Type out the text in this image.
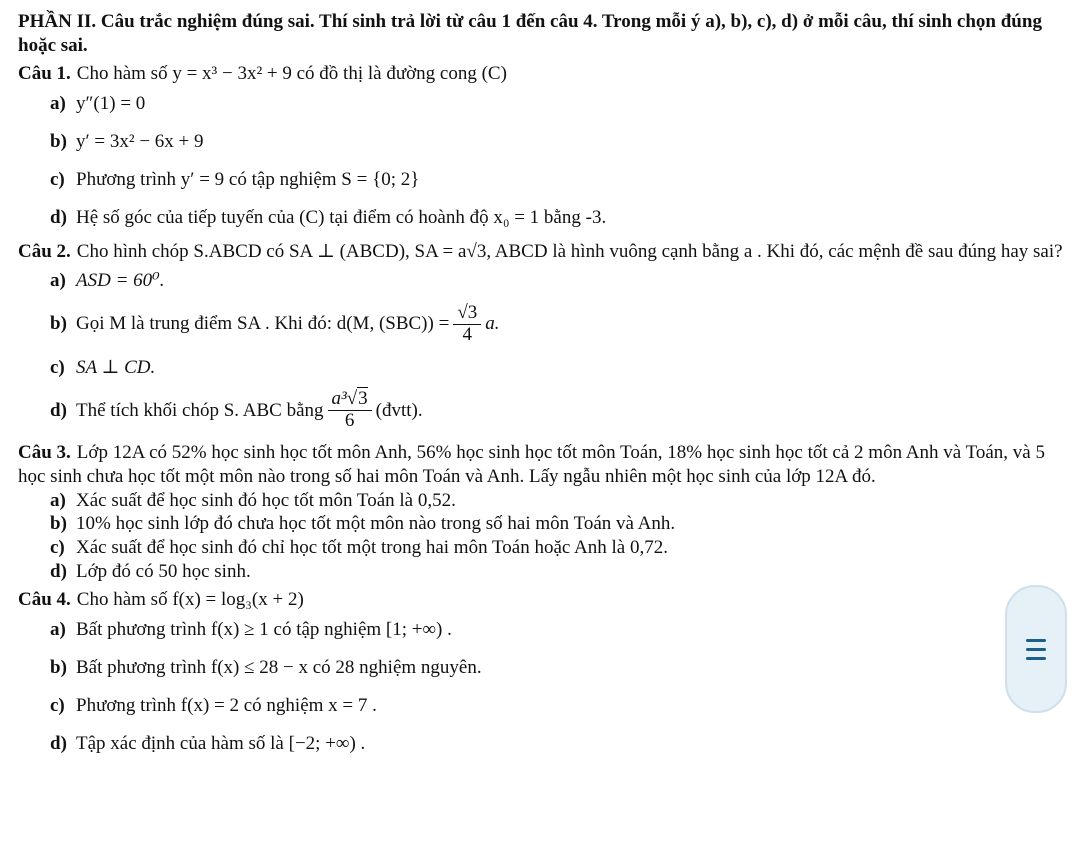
PHẦN II. Câu trắc nghiệm đúng sai. Thí sinh trả lời từ câu 1 đến câu 4. Trong mỗi ý a), b), c), d) ở mỗi câu, thí sinh chọn đúng hoặc sai.

Câu 1. Cho hàm số y = x³ − 3x² + 9 có đồ thị là đường cong (C)

a) y″(1) = 0
b) y′ = 3x² − 6x + 9
c) Phương trình y′ = 9 có tập nghiệm S = {0; 2}
d) Hệ số góc của tiếp tuyến của (C) tại điểm có hoành độ x₀ = 1 bằng -3.

Câu 2. Cho hình chóp S.ABCD có SA ⊥ (ABCD), SA = a√3, ABCD là hình vuông cạnh bằng a . Khi đó, các mệnh đề sau đúng hay sai?

a) ASD = 60⁰.
b) Gọi M là trung điểm SA . Khi đó: d(M, $(SBC)) = \frac{√3}{4} a$.
c) SA ⊥ CD.
d) Thể tích khối chóp S. ABC bằng $\frac{\text{a³√3}}{6}$ (đvtt).

Câu 3. Lớp 12A có 52% học sinh học tốt môn Anh, 56% học sinh học tốt môn Toán, 18% học sinh học tốt cả 2 môn Anh và Toán, và 5 học sinh chưa học tốt một môn nào trong số hai môn Toán và Anh. Lấy ngẫu nhiên một học sinh của lớp 12A đó.

a) Xác suất để học sinh đó học tốt môn Toán là 0,52.
b) 10% học sinh lớp đó chưa học tốt một môn nào trong số hai môn Toán và Anh.
c) Xác suất để học sinh đó chỉ học tốt một trong hai môn Toán hoặc Anh là 0,72.
d) Lớp đó có 50 học sinh.

Câu 4. Cho hàm số f(x) = log₃(x + 2)

a) Bất phương trình f(x) ≥ 1 có tập nghiệm [1; +∞) .
b) Bất phương trình f(x) ≤ 28 − x có 28 nghiệm nguyên.
c) Phương trình f(x) = 2 có nghiệm x = 7 .
d) Tập xác định của hàm số là [−2; +∞) .
